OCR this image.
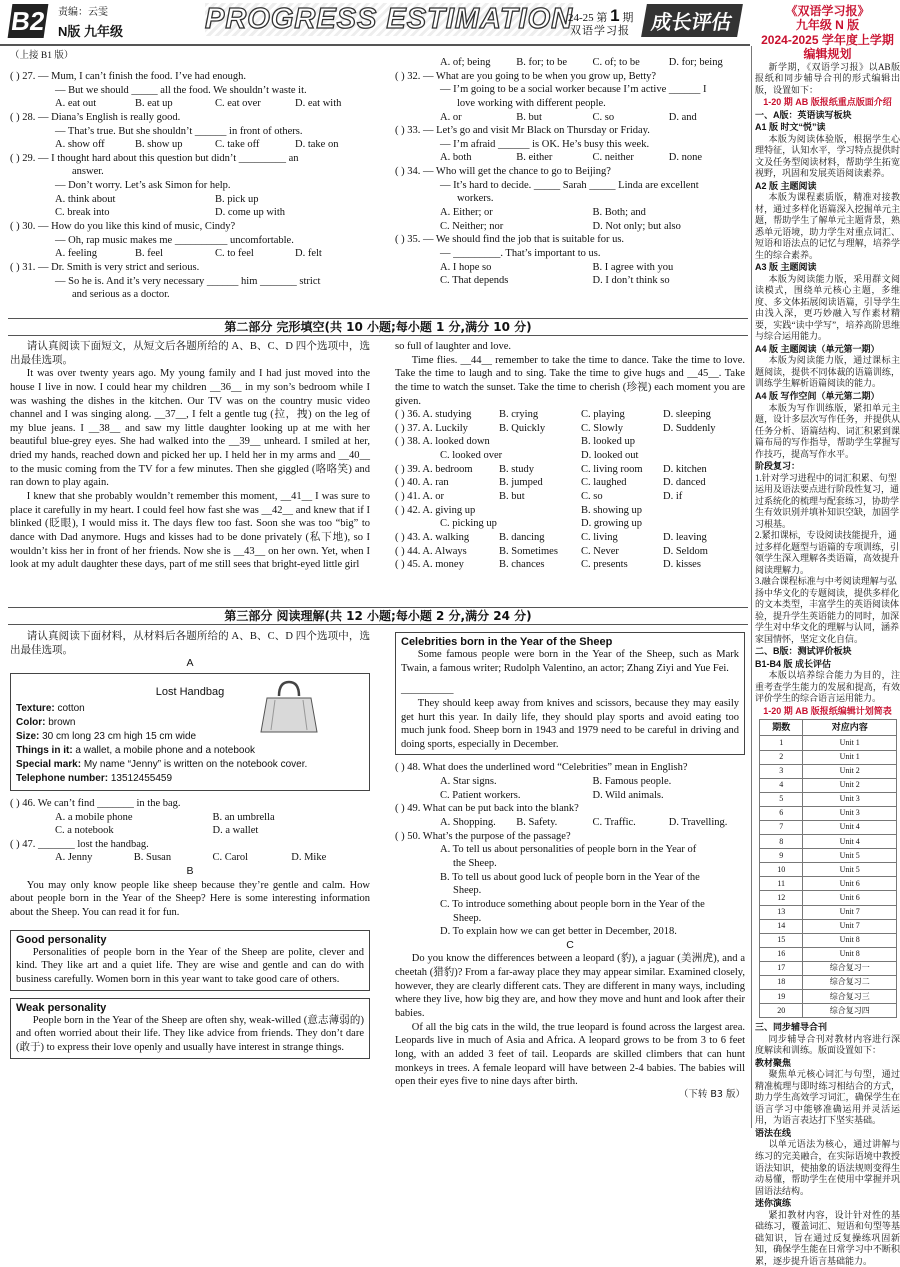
B2 责编：云雯
N版 九年级	PROGRESS ESTIMATION
24-25 第 1 期
双语学习报 成长评估
《双语学习报》
九年级 N 版
2024-2025 学年度上学期
编辑规划

新学期，《双语学习报》以AB版报纸和同步辅导合刊的形式编辑出版，设置如下：

1-20 期 AB 版报纸重点版面介绍
一、A版：英语读写板块
A1 版 时文“悦”读

本版为阅读体验版，根据学生心理特征，认知水平，学习特点提供时文及任务型阅读材料，帮助学生拓宽视野，巩固和发展英语阅读素养。

A2 版 主题阅读

本版为课程素质版，精准对接教材，通过多样化语篇深入挖掘单元主题，帮助学生了解单元主题背景，熟悉单元语境，助力学生对重点词汇、短语和语法点的记忆与理解，培养学生的综合素养。

A3 版 主题阅读

本版为阅读能力版，采用群文阅读模式，围绕单元核心主题，多维度、多文体拓展阅读语篇，引导学生由浅入深，更巧妙融入写作素材精要，实践“读中学写”，培养高阶思维与综合运用能力。

A4 版 主题阅读（单元第一期）

本版为阅读能力版，通过课标主题阅读，提供不同体裁的语篇训练，训练学生解析语篇阅读的能力。

A4 版 写作空间（单元第二期）

本版为写作训练版，紧扣单元主题，设计多层次写作任务，并提供从任务分析、语篇结构、词汇积累到课篇布局的写作指导，帮助学生掌握写作技巧，提高写作水平。

阶段复习：
1.针对学习进程中的词汇积累、句型运用及语法要点进行阶段性复习，通过系统化的梳理与配套练习，协助学生有效识别并填补知识空缺，加固学习根基。
2.紧扣课标，专设阅读技能提升，通过多样化题型与语篇的专项训练，引领学生深入理解各类语篇，高效提升阅读理解力。
3.融合课程标准与中考阅读理解与弘扬中华文化的专题阅读，提供多样化的文本类型，丰富学生的英语阅读体验，提升学生英语能力的同时，加深学生对中华文化的理解与认同，涵养家国情怀，坚定文化自信。
二、B版：测试评价板块
B1-B4 版 成长评估

本版以培养综合能力为目的，注重考查学生能力的发展和提高，有效评价学生的综合语言运用能力。

1-20 期 AB 版报纸编辑计划简表
期数	对应内容
1	Unit 1
2	Unit 1
3	Unit 2
4	Unit 2
5	Unit 3
6	Unit 3
7	Unit 4
8	Unit 4
9	Unit 5
10	Unit 5
11	Unit 6
12	Unit 6
13	Unit 7
14	Unit 7
15	Unit 8
16	Unit 8
17	综合复习一
18	综合复习二
19	综合复习三
20	综合复习四
三、同步辅导合刊

同步辅导合刊对教材内容进行深度解读和训练。版面设置如下：

教材聚焦

聚焦单元核心词汇与句型，通过精准梳理与即时练习相结合的方式，助力学生高效学习词汇，确保学生在语言学习中能够准确运用并灵活运用，为语言表达打下坚实基础。

语法在线

以单元语法为核心，通过讲解与练习的完美融合，在实际语境中教授语法知识，使抽象的语法规则变得生动易懂，帮助学生在使用中掌握并巩固语法结构。

迷你演练

紧扣教材内容，设计针对性的基础练习，覆盖词汇、短语和句型等基础知识，旨在通过反复操练巩固新知，确保学生能在日常学习中不断积累，逐步提升语言基础能力。

（上接 B1 版）
( ) 27. — Mum, I can’t finish the food. I’ve had enough.
— But we should _____ all the food. We shouldn’t waste it.
A. eat out	B. eat up	C. eat over	D. eat with
( ) 28. — Diana’s English is really good.
— That’s true. But she shouldn’t ______ in front of others.
A. show off	B. show up	C. take off	D. take on
( ) 29. — I thought hard about this question but didn’t _________ an
answer.
— Don’t worry. Let’s ask Simon for help.
A. think about	B. pick up
C. break into	D. come up with
( ) 30. — How do you like this kind of music, Cindy?
— Oh, rap music makes me __________ uncomfortable.
A. feeling	B. feel	C. to feel	D. felt
( ) 31. — Dr. Smith is very strict and serious.
— So he is. And it’s very necessary ______ him _______ strict
and serious as a doctor.
A. of; being	B. for; to be	C. of; to be	D. for; being
( ) 32. — What are you going to be when you grow up, Betty?
— I’m going to be a social worker because I’m active ______ I
love working with different people.
A. or	B. but	C. so	D. and
( ) 33. — Let’s go and visit Mr Black on Thursday or Friday.
— I’m afraid ______ is OK. He’s busy this week.
A. both	B. either	C. neither	D. none
( ) 34. — Who will get the chance to go to Beijing?
— It’s hard to decide. _____ Sarah _____ Linda are excellent
workers.
A. Either; or	B. Both; and
C. Neither; nor	D. Not only; but also
( ) 35. — We should find the job that is suitable for us.
— _________. That’s important to us.
A. I hope so	B. I agree with you
C. That depends	D. I don’t think so
第二部分 完形填空(共 10 小题;每小题 1 分,满分 10 分)

请认真阅读下面短文，从短文后各题所给的 A、B、C、D 四个选项中，选出最佳选项。

It was over twenty years ago. My young family and I had just moved into the house I live in now. I could hear my children __36__ in my son’s bedroom while I was washing the dishes in the kitchen. Our TV was on the country music video channel and I was singing along. __37__, I felt a gentle tug (拉，拽) on the leg of my blue jeans. I __38__ and saw my little daughter looking up at me with her beautiful blue-grey eyes. She had walked into the __39__ unheard. I smiled at her, dried my hands, reached down and picked her up. I held her in my arms and __40__ to the music coming from the TV for a few minutes. Then she giggled (咯咯笑) and ran down to play again.

I knew that she probably wouldn’t remember this moment, __41__ I was sure to place it carefully in my heart. I could feel how fast she was __42__ and knew that if I blinked (眨眼), I would miss it. The days flew too fast. Soon she was too “big” to dance with Dad anymore. Hugs and kisses had to be done privately (私下地), so I wouldn’t kiss her in front of her friends. Now she is __43__ on her own. Yet, when I look at my adult daughter these days, part of me still sees that bright-eyed little girl

so full of laughter and love.

Time flies. __44__ remember to take the time to dance. Take the time to love. Take the time to laugh and to sing. Take the time to give hugs and __45__. Take the time to watch the sunset. Take the time to cherish (珍视) each moment you are given.

( ) 36. A. studying	B. crying	C. playing	D. sleeping
( ) 37. A. Luckily	B. Quickly	C. Slowly	D. Suddenly
( ) 38. A. looked down	B. looked up
C. looked over	D. looked out
( ) 39. A. bedroom	B. study	C. living room	D. kitchen
( ) 40. A. ran	B. jumped	C. laughed	D. danced
( ) 41. A. or	B. but	C. so	D. if
( ) 42. A. giving up	B. showing up
C. picking up	D. growing up
( ) 43. A. walking	B. dancing	C. living	D. leaving
( ) 44. A. Always	B. Sometimes	C. Never	D. Seldom
( ) 45. A. money	B. chances	C. presents	D. kisses
第三部分 阅读理解(共 12 小题;每小题 2 分,满分 24 分)

请认真阅读下面材料，从材料后各题所给的 A、B、C、D 四个选项中，选出最佳选项。

A
Lost Handbag
Texture: cotton
Color: brown
Size: 30 cm long 23 cm high 15 cm wide
Things in it: a wallet, a mobile phone and a notebook
Special mark: My name “Jenny” is written on the notebook cover.
Telephone number: 13512455459
( ) 46. We can’t find _______ in the bag.
A. a mobile phone	B. an umbrella
C. a notebook	D. a wallet
( ) 47. _______ lost the handbag.
A. Jenny	B. Susan	C. Carol	D. Mike
B

You may only know people like sheep because they’re gentle and calm. How about people born in the Year of the Sheep? Here is some interesting information about the Sheep. You can read it for fun.

Good personality

Personalities of people born in the Year of the Sheep are polite, clever and kind. They like art and a quiet life. They are wise and gentle and can do with business carefully. Women born in this year want to take good care of others.

Weak personality

People born in the Year of the Sheep are often shy, weak-willed (意志薄弱的) and often worried about their life. They like advice from friends. They don’t dare (敢于) to express their love openly and usually have interest in strange things.

Celebrities born in the Year of the Sheep

Some famous people were born in the Year of the Sheep, such as Mark Twain, a famous writer; Rudolph Valentino, an actor; Zhang Ziyi and Yue Fei.

__________

They should keep away from knives and scissors, because they may easily get hurt this year. In daily life, they should play sports and avoid eating too much junk food. Sheep born in 1943 and 1979 need to be careful in driving and doing sports, especially in December.

( ) 48. What does the underlined word “Celebrities” mean in English?
A. Star signs.	B. Famous people.
C. Patient workers.	D. Wild animals.
( ) 49. What can be put back into the blank?
A. Shopping.	B. Safety.	C. Traffic.	D. Travelling.
( ) 50. What’s the purpose of the passage?
A. To tell us about personalities of people born in the Year of
the Sheep.
B. To tell us about good luck of people born in the Year of the
Sheep.
C. To introduce something about people born in the Year of the
Sheep.
D. To explain how we can get better in December, 2018.
C

Do you know the differences between a leopard (豹), a jaguar (美洲虎), and a cheetah (猎豹)? From a far-away place they may appear similar. Examined closely, however, they are clearly different cats. They are different in many ways, including where they live, how big they are, and how they move and hunt and look after their babies.

Of all the big cats in the wild, the true leopard is found across the largest area. Leopards live in much of Asia and Africa. A leopard grows to be from 3 to 6 feet long, with an added 3 feet of tail. Leopards are skilled climbers that can hunt monkeys in trees. A female leopard will have between 2-4 babies. The babies will open their eyes five to nine days after birth.

（下转 B3 版）
